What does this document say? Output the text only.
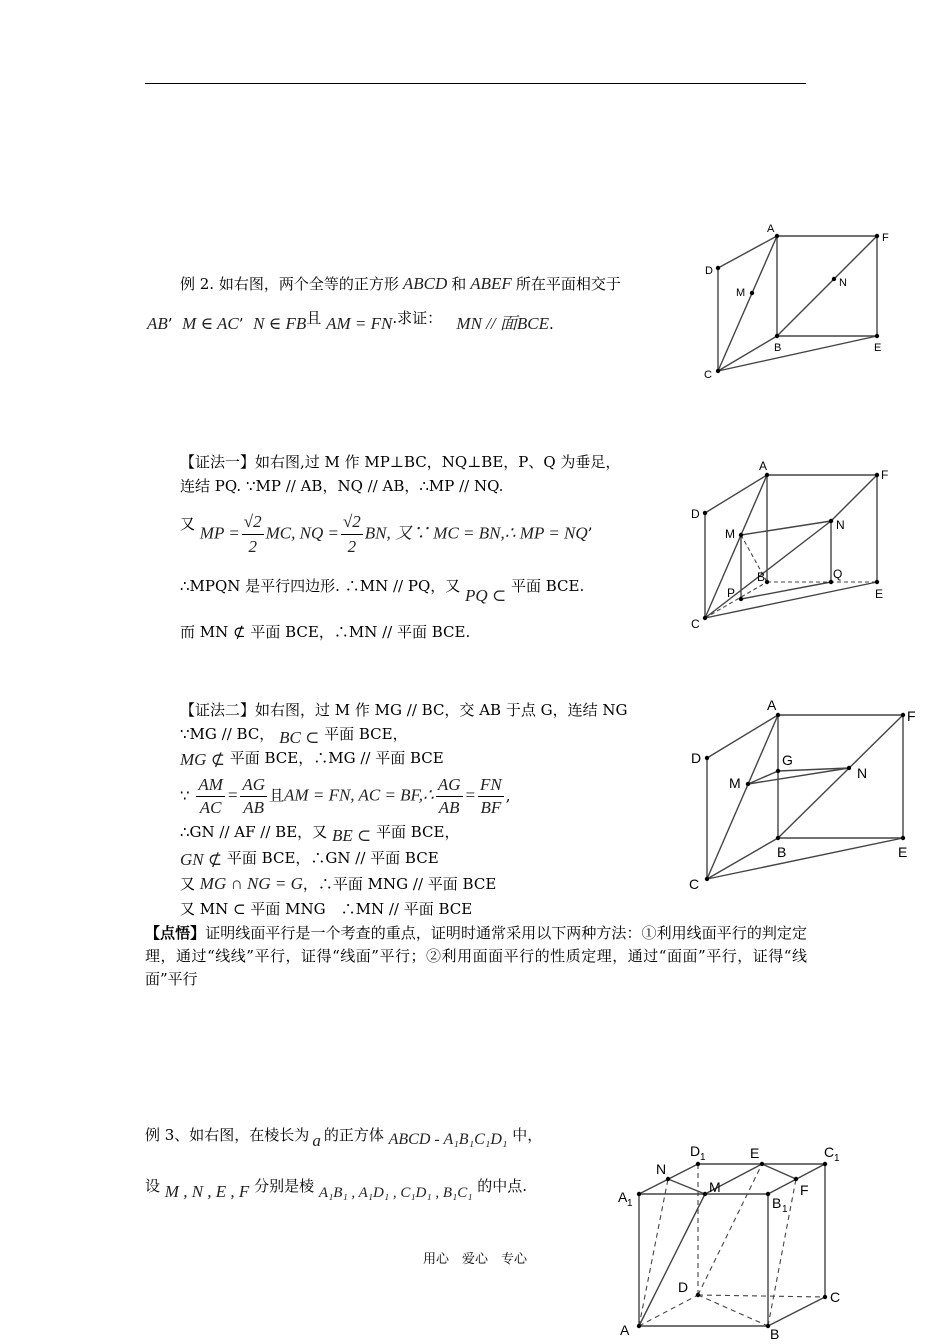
例 2. 如右图，两个全等的正方形 ABCD 和 ABEF 所在平面相交于
AB’  M ∈ AC’  N ∈ FB且 AM = FN.求证： MN // 面BCE.
A
F
D
M
N
B	E
C
【证法一】如右图,过 M 作 MP⊥BC，NQ⊥BE，P、Q 为垂足，
连结 PQ. ∵MP // AB，NQ // AB，∴MP // NQ.
又 MP = $\frac{√2}{2}$ MC, NQ = $\frac{√2}{2}$ BN, 又∵ MC = BN,∴ MP = NQ’
∴MPQN 是平行四边形. ∴MN // PQ，又 PQ ⊂ 平面 BCE.
而 MN ⊄ 平面 BCE，∴MN // 平面 BCE.
A
F
D
M
N
B	Q
P	E
C
【证法二】如右图，过 M 作 MG // BC，交 AB 于点 G，连结 NG
∵MG // BC， BC ⊂ 平面 BCE，
MG ⊄ 平面 BCE，∴MG // 平面 BCE
∵ $\frac{AM}{AC} = \frac{AG}{AB}$ 且AM = FN, AC = BF,∴ $\frac{AG}{AB} = \frac{FN}{BF}$ ,
∴GN // AF // BE，又 BE ⊂ 平面 BCE，
GN ⊄ 平面 BCE，∴GN // 平面 BCE
又 MG ∩ NG = G，∴平面 MNG // 平面 BCE
又 MN ⊂ 平面 MNG　∴MN // 平面 BCE
A
F
D	G
M
N
B	E
C
【点悟】证明线面平行是一个考查的重点，证明时通常采用以下两种方法：①利用线面平行的判定定理，通过“线线”平行，证得“线面”平行；②利用面面平行的性质定理，通过“面面”平行，证得“线面”平行
例 3、如右图，在棱长为 a 的正方体 ABCD - A₁B₁C₁D₁ 中，
设 M , N , E , F 分别是棱 A₁B₁ , A₁D₁ , C₁D₁ , B₁C₁ 的中点.
D 1	E	C 1
N
M	F
A 1	B 1
D
C
A	B
用心　爱心　专心
